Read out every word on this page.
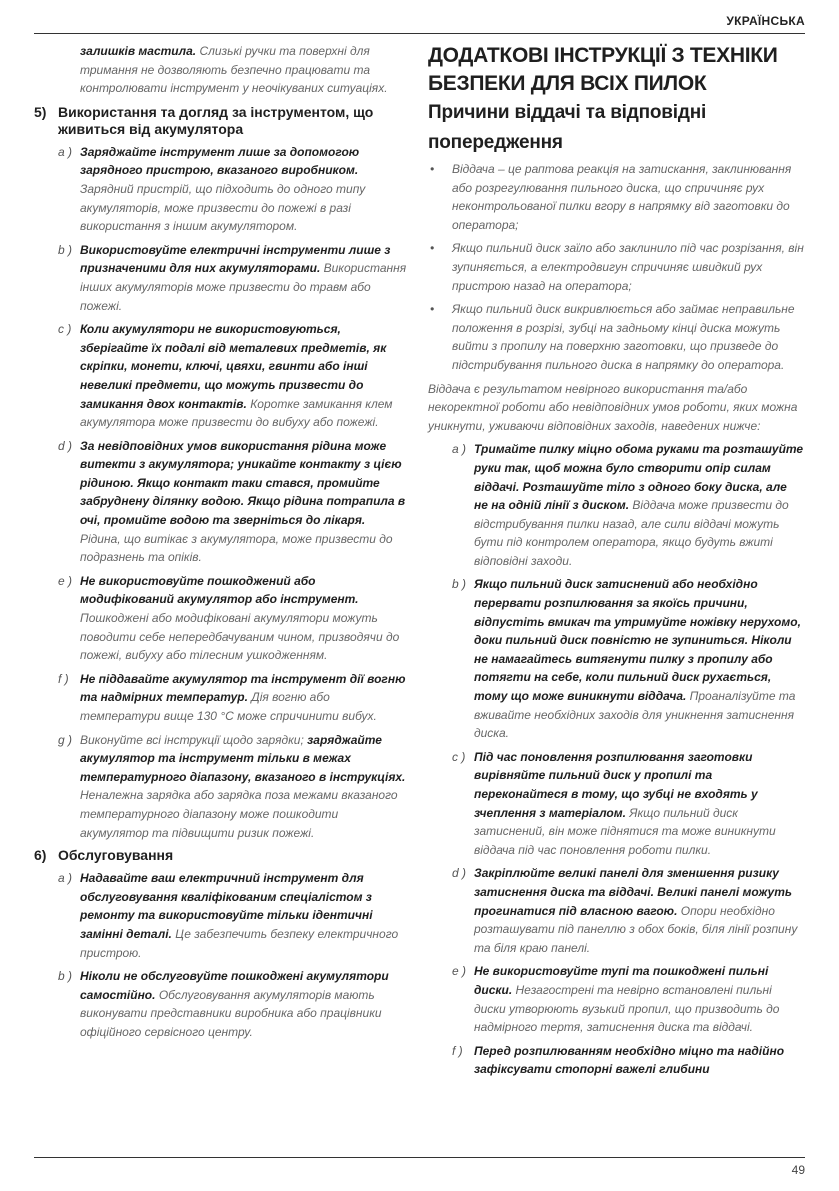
УКРАЇНСЬКА
залишків мастила. Слизькі ручки та поверхні для тримання не дозволяють безпечно працювати та контролювати інструмент у неочікуваних ситуаціях.
5) Використання та догляд за інструментом, що живиться від акумулятора
a ) Заряджайте інструмент лише за допомогою зарядного пристрою, вказаного виробником. Зарядний пристрій, що підходить до одного типу акумуляторів, може призвести до пожежі в разі використання з іншим акумулятором.
b ) Використовуйте електричні інструменти лише з призначеними для них акумуляторами. Використання інших акумуляторів може призвести до травм або пожежі.
c ) Коли акумулятори не використовуються, зберігайте їх подалі від металевих предметів, як скріпки, монети, ключі, цвяхи, гвинти або інші невеликі предмети, що можуть призвести до замикання двох контактів. Коротке замикання клем акумулятора може призвести до вибуху або пожежі.
d ) За невідповідних умов використання рідина може витекти з акумулятора; уникайте контакту з цією рідиною. Якщо контакт таки стався, промийте забруднену ділянку водою. Якщо рідина потрапила в очі, промийте водою та зверніться до лікаря. Рідина, що витікає з акумулятора, може призвести до подразнень та опіків.
e ) Не використовуйте пошкоджений або модифікований акумулятор або інструмент. Пошкоджені або модифіковані акумулятори можуть поводити себе непередбачуваним чином, призводячи до пожежі, вибуху або тілесним ушкодженням.
f ) Не піддавайте акумулятор та інструмент дії вогню та надмірних температур. Дія вогню або температури вище 130 °C може спричинити вибух.
g ) Виконуйте всі інструкції щодо зарядки; заряджайте акумулятор та інструмент тільки в межах температурного діапазону, вказаного в інструкціях. Неналежна зарядка або зарядка поза межами вказаного температурного діапазону може пошкодити акумулятор та підвищити ризик пожежі.
6) Обслуговування
a ) Надавайте ваш електричний інструмент для обслуговування кваліфікованим спеціалістом з ремонту та використовуйте тільки ідентичні замінні деталі. Це забезпечить безпеку електричного пристрою.
b ) Ніколи не обслуговуйте пошкоджені акумулятори самостійно. Обслуговування акумуляторів мають виконувати представники виробника або працівники офіційного сервісного центру.
ДОДАТКОВІ ІНСТРУКЦІЇ З ТЕХНІКИ БЕЗПЕКИ ДЛЯ ВСІХ ПИЛОК
Причини віддачі та відповідні попередження
• Віддача – це раптова реакція на затискання, заклинювання або розрегулювання пильного диска, що спричиняє рух неконтрольованої пилки вгору в напрямку від заготовки до оператора;
• Якщо пильний диск заїло або заклинило під час розрізання, він зупиняється, а електродвигун спричиняє швидкий рух пристрою назад на оператора;
• Якщо пильний диск викривлюється або займає неправильне положення в розрізі, зубці на задньому кінці диска можуть вийти з пропилу на поверхню заготовки, що призведе до підстрибування пильного диска в напрямку до оператора.
Віддача є результатом невірного використання та/або некоректної роботи або невідповідних умов роботи, яких можна уникнути, уживаючи відповідних заходів, наведених нижче:
a ) Тримайте пилку міцно обома руками та розташуйте руки так, щоб можна було створити опір силам віддачі. Розташуйте тіло з одного боку диска, але не на одній лінії з диском. Віддача може призвести до відстрибування пилки назад, але сили віддачі можуть бути під контролем оператора, якщо будуть вжиті відповідні заходи.
b ) Якщо пильний диск затиснений або необхідно перервати розпилювання за якоїсь причини, відпустіть вмикач та утримуйте ножівку нерухомо, доки пильний диск повністю не зупиниться. Ніколи не намагайтесь витягнути пилку з пропилу або потягти на себе, коли пильний диск рухається, тому що може виникнути віддача. Проаналізуйте та вживайте необхідних заходів для уникнення затиснення диска.
c ) Під час поновлення розпилювання заготовки вирівняйте пильний диск у пропилі та переконайтеся в тому, що зубці не входять у зчеплення з матеріалом. Якщо пильний диск затиснений, він може піднятися та може виникнути віддача під час поновлення роботи пилки.
d ) Закріплюйте великі панелі для зменшення ризику затиснення диска та віддачі. Великі панелі можуть прогинатися під власною вагою. Опори необхідно розташувати під панеллю з обох боків, біля лінії розпину та біля краю панелі.
e ) Не використовуйте тупі та пошкоджені пильні диски. Незагострені та невірно встановлені пильні диски утворюють вузький пропил, що призводить до надмірного тертя, затиснення диска та віддачі.
f ) Перед розпилюванням необхідно міцно та надійно зафіксувати стопорні важелі глибини
49
